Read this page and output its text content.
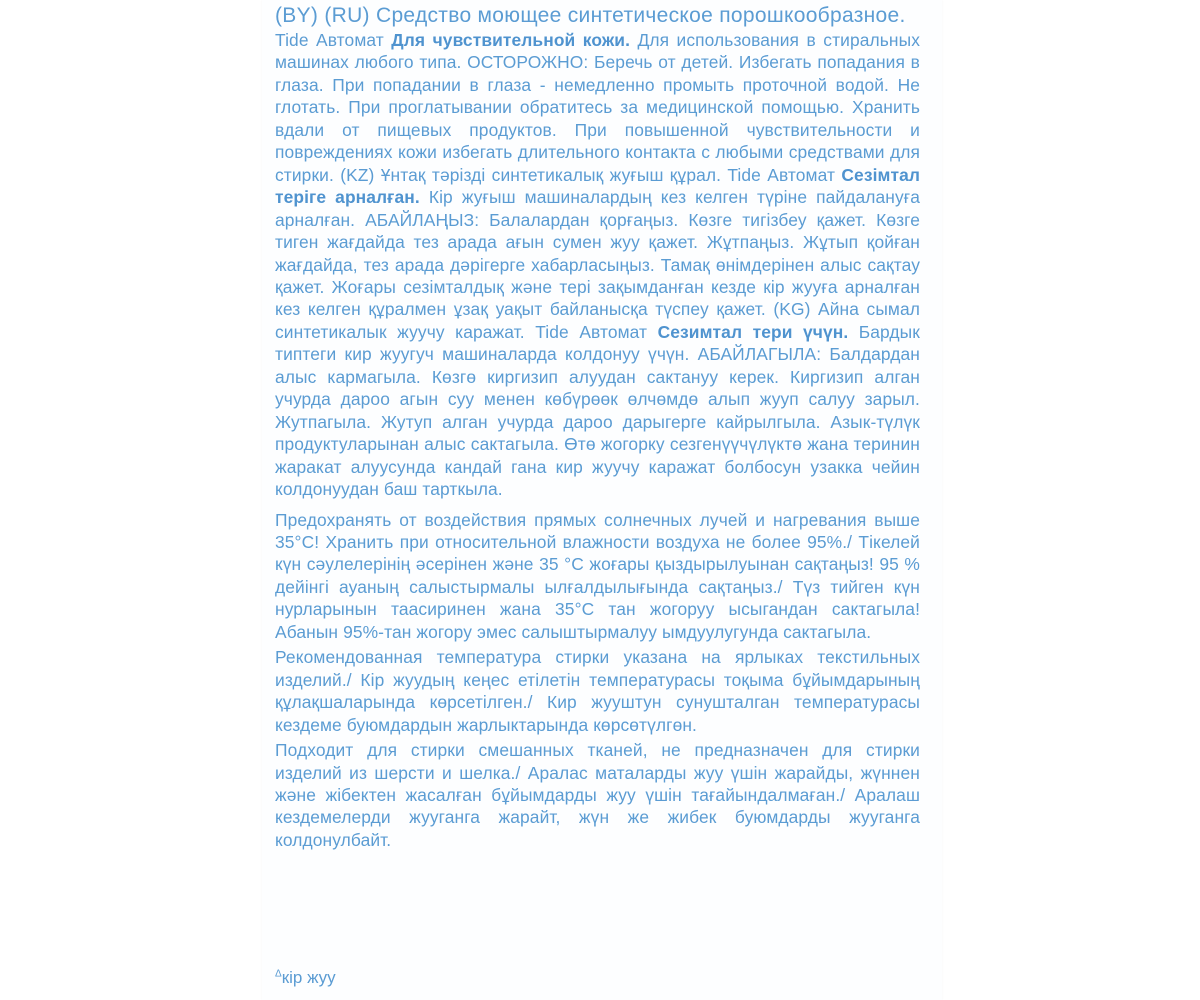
(BY) (RU) Средство моющее синтетическое порошкообразное.

Tide Автомат Для чувствительной кожи. Для использования в стиральных машинах любого типа. ОСТОРОЖНО: Беречь от детей. Избегать попадания в глаза. При попадании в глаза - немедленно промыть проточной водой. Не глотать. При проглатывании обратитесь за медицинской помощью. Хранить вдали от пищевых продуктов. При повышенной чувствительности и повреждениях кожи избегать длительного контакта с любыми средствами для стирки. (KZ) Ұнтақ тәрізді синтетикалық жуғыш құрал. Tide Автомат Сезімтал теріге арналған. Кір жуғыш машиналардың кез келген түріне пайдалануға арналған. АБАЙЛАҢЫЗ: Балалардан қорғаңыз. Көзге тигізбеу қажет. Көзге тиген жағдайда тез арада ағын сумен жуу қажет. Жұтпаңыз. Жұтып қойған жағдайда, тез арада дәрігерге хабарласыңыз. Тамақ өнімдерінен алыс сақтау қажет. Жоғары сезімталдық және тері зақымданған кезде кір жууға арналған кез келген құралмен ұзақ уақыт байланысқа түспеу қажет. (KG) Айна сымал синтетикалык жуучу каражат. Tide Автомат Сезимтал тери үчүн. Бардык типтеги кир жуугуч машиналарда колдонуу үчүн. АБАЙЛАГЫЛА: Балдардан алыс кармагыла. Көзгө киргизип алуудан сактануу керек. Киргизип алган учурда дароо агын суу менен көбүрөөк өлчөмдө алып жууп салуу зарыл. Жутпагыла. Жутуп алган учурда дароо дарыгерге кайрылгыла. Азык-түлүк продуктуларынан алыс сактагыла. Өтө жогорку сезгенүүчүлүктө жана теринин жаракат алуусунда кандай гана кир жуучу каражат болбосун узакка чейин колдонуудан баш тарткыла.

Предохранять от воздействия прямых солнечных лучей и нагревания выше 35°С! Хранить при относительной влажности воздуха не более 95%./ Тікелей күн сәулелерінің әсерінен және 35 °С жоғары қыздырылуынан сақтаңыз! 95 % дейінгі ауаның салыстырмалы ылғалдылығында сақтаңыз./ Түз тийген күн нурларынын таасиринен жана 35°С тан жогоруу ысыгандан сактагыла! Абанын 95%-тан жогору эмес салыштырмалуу ымдуулугунда сактагыла.

Рекомендованная температура стирки указана на ярлыках текстильных изделий./ Кір жуудың кеңес етілетін температурасы тоқыма бұйымдарының құлақшаларында көрсетілген./ Кир жууштун сунушталган температурасы кездеме буюмдардын жарлыктарында көрсөтүлгөн.

Подходит для стирки смешанных тканей, не предназначен для стирки изделий из шерсти и шелка./ Аралас маталарды жуу үшін жарайды, жүннен және жібектен жасалған бұйымдарды жуу үшін тағайындалмаған./ Аралаш кездемелерди жууганга жарайт, жүн же жибек буюмдарды жууганга колдонулбайт.

$^\Delta$кір жуу
